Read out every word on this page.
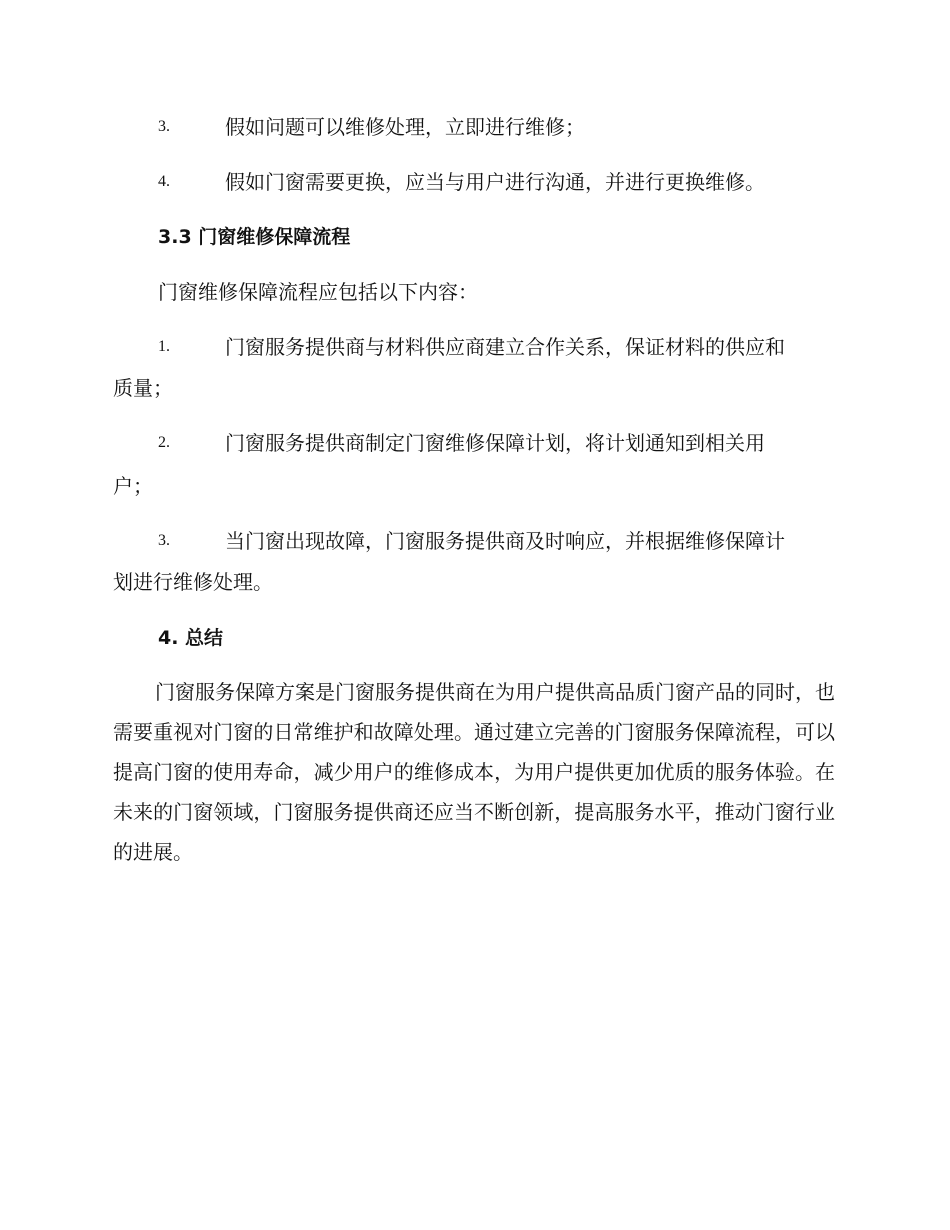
3.	假如问题可以维修处理，立即进行维修；
4.	假如门窗需要更换，应当与用户进行沟通，并进行更换维修。
3.3 门窗维修保障流程
门窗维修保障流程应包括以下内容：
1.	门窗服务提供商与材料供应商建立合作关系，保证材料的供应和
质量；
2.	门窗服务提供商制定门窗维修保障计划，将计划通知到相关用
户；
3.	当门窗出现故障，门窗服务提供商及时响应，并根据维修保障计
划进行维修处理。
4. 总结
门窗服务保障方案是门窗服务提供商在为用户提供高品质门窗产品的同时，也需要重视对门窗的日常维护和故障处理。通过建立完善的门窗服务保障流程，可以提高门窗的使用寿命，减少用户的维修成本，为用户提供更加优质的服务体验。在未来的门窗领域，门窗服务提供商还应当不断创新，提高服务水平，推动门窗行业的进展。
